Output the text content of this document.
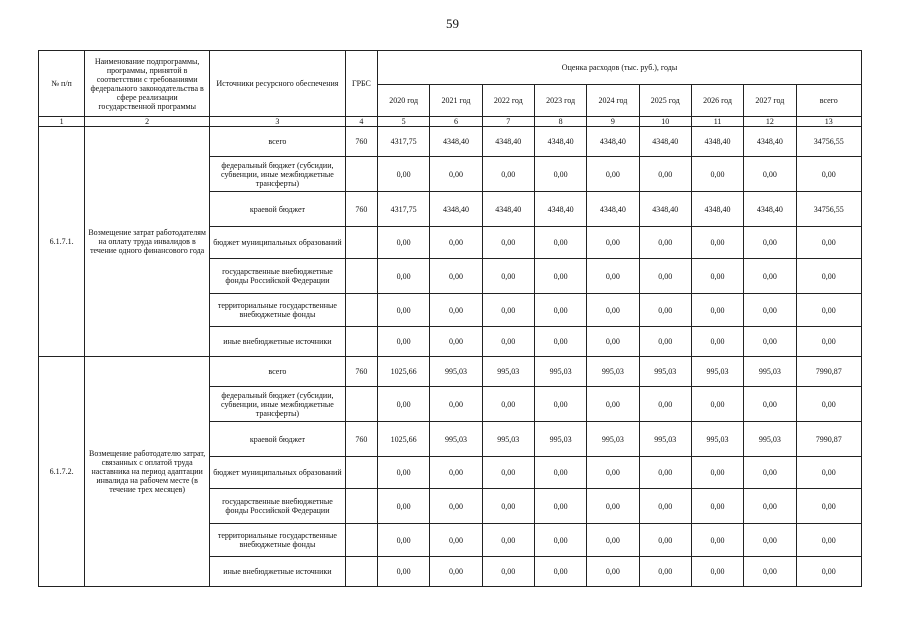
59
№ п/п	Наименование подпрограммы, программы, принятой в соответствии с требованиями федерального законодательства в сфере реализации государственной программы	Источники ресурсного обеспечения	ГРБС	Оценка расходов (тыс. руб.), годы								
				2020 год	2021 год	2022 год	2023 год	2024 год	2025 год	2026 год	2027 год	всего
1	2	3	4	5	6	7	8	9	10	11	12	13
6.1.7.1.	Возмещение затрат работодателям на оплату труда инвалидов в течение одного финансового года	всего	760	4317,75	4348,40	4348,40	4348,40	4348,40	4348,40	4348,40	4348,40	34756,55
		федеральный бюджет (субсидии, субвенции, иные межбюджетные трансферты)		0,00	0,00	0,00	0,00	0,00	0,00	0,00	0,00	0,00
		краевой бюджет	760	4317,75	4348,40	4348,40	4348,40	4348,40	4348,40	4348,40	4348,40	34756,55
		бюджет муниципальных образований		0,00	0,00	0,00	0,00	0,00	0,00	0,00	0,00	0,00
		государственные внебюджетные фонды Российской Федерации		0,00	0,00	0,00	0,00	0,00	0,00	0,00	0,00	0,00
		территориальные государственные внебюджетные фонды		0,00	0,00	0,00	0,00	0,00	0,00	0,00	0,00	0,00
		иные внебюджетные источники		0,00	0,00	0,00	0,00	0,00	0,00	0,00	0,00	0,00
6.1.7.2.	Возмещение работодателю затрат, связанных с оплатой труда наставника на период адаптации инвалида на рабочем месте (в течение трех месяцев)	всего	760	1025,66	995,03	995,03	995,03	995,03	995,03	995,03	995,03	7990,87
		федеральный бюджет (субсидии, субвенции, иные межбюджетные трансферты)		0,00	0,00	0,00	0,00	0,00	0,00	0,00	0,00	0,00
		краевой бюджет	760	1025,66	995,03	995,03	995,03	995,03	995,03	995,03	995,03	7990,87
		бюджет муниципальных образований		0,00	0,00	0,00	0,00	0,00	0,00	0,00	0,00	0,00
		государственные внебюджетные фонды Российской Федерации		0,00	0,00	0,00	0,00	0,00	0,00	0,00	0,00	0,00
		территориальные государственные внебюджетные фонды		0,00	0,00	0,00	0,00	0,00	0,00	0,00	0,00	0,00
		иные внебюджетные источники		0,00	0,00	0,00	0,00	0,00	0,00	0,00	0,00	0,00
